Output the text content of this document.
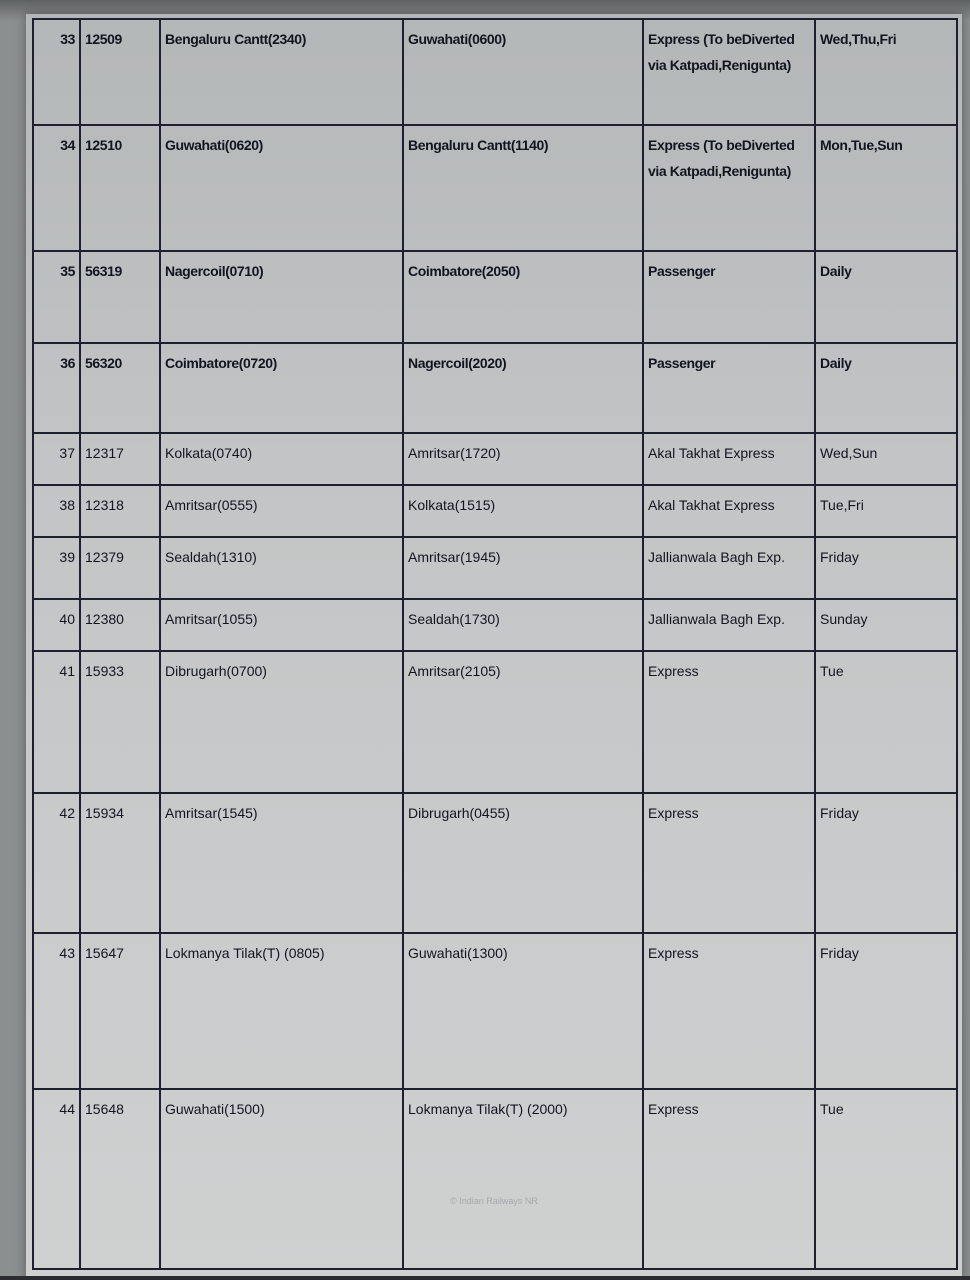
33	12509	Bengaluru Cantt(2340)	Guwahati(0600)	Express (To beDiverted via Katpadi,Renigunta)	Wed,Thu,Fri
34	12510	Guwahati(0620)	Bengaluru Cantt(1140)	Express (To beDiverted via Katpadi,Renigunta)	Mon,Tue,Sun
35	56319	Nagercoil(0710)	Coimbatore(2050)	Passenger	Daily
36	56320	Coimbatore(0720)	Nagercoil(2020)	Passenger	Daily
37	12317	Kolkata(0740)	Amritsar(1720)	Akal Takhat Express	Wed,Sun
38	12318	Amritsar(0555)	Kolkata(1515)	Akal Takhat Express	Tue,Fri
39	12379	Sealdah(1310)	Amritsar(1945)	Jallianwala Bagh Exp.	Friday
40	12380	Amritsar(1055)	Sealdah(1730)	Jallianwala Bagh Exp.	Sunday
41	15933	Dibrugarh(0700)	Amritsar(2105)	Express	Tue
42	15934	Amritsar(1545)	Dibrugarh(0455)	Express	Friday
43	15647	Lokmanya Tilak(T) (0805)	Guwahati(1300)	Express	Friday
44	15648	Guwahati(1500)	Lokmanya Tilak(T) (2000)	Express	Tue
© Indian Railways NR
